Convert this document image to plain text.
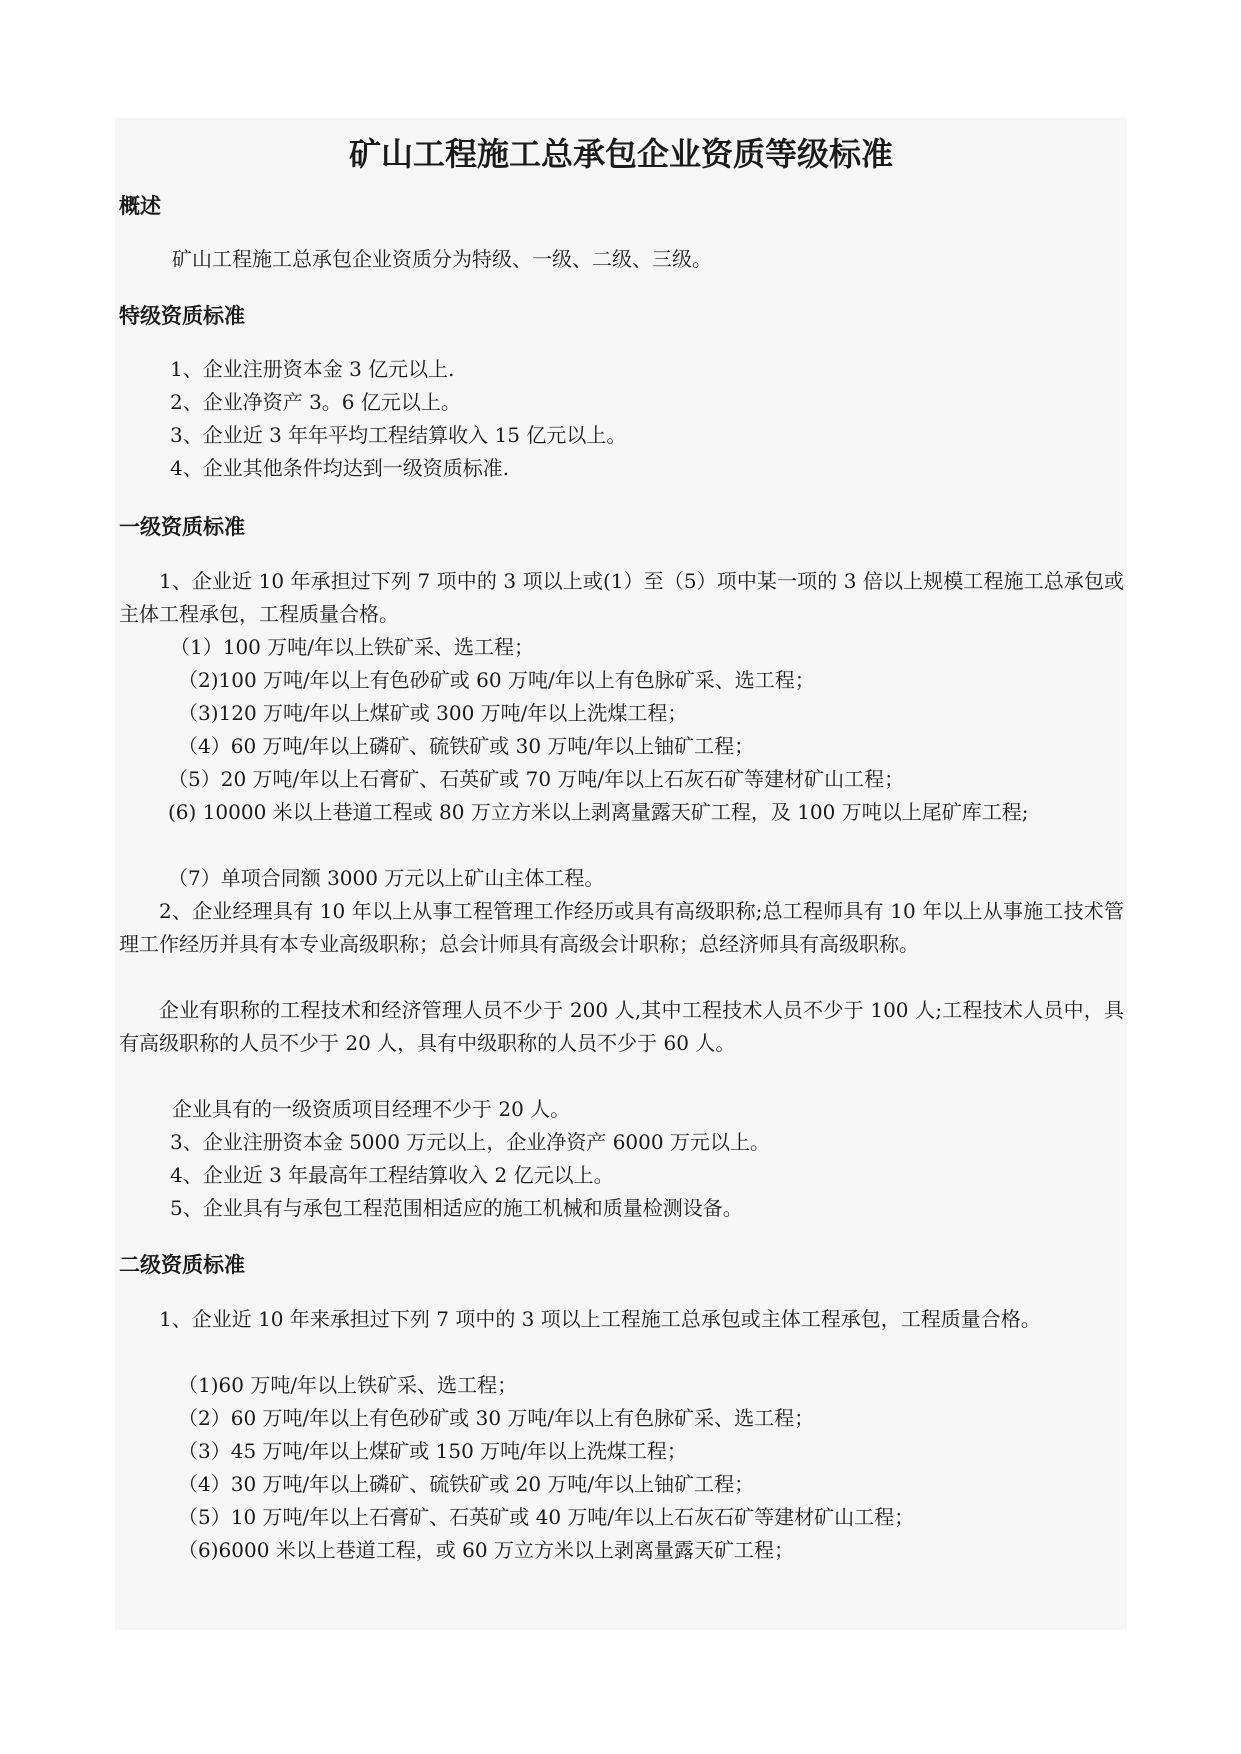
矿山工程施工总承包企业资质等级标准
概述
矿山工程施工总承包企业资质分为特级、一级、二级、三级。
特级资质标准
1、企业注册资本金 3 亿元以上.
2、企业净资产 3。6 亿元以上。
3、企业近 3 年年平均工程结算收入 15 亿元以上。
4、企业其他条件均达到一级资质标准.
一级资质标准
1、企业近 10 年承担过下列 7 项中的 3 项以上或(1）至（5）项中某一项的 3 倍以上规模工程施工总承包或主体工程承包，工程质量合格。
（1）100 万吨/年以上铁矿采、选工程；
（2)100 万吨/年以上有色砂矿或 60 万吨/年以上有色脉矿采、选工程；
（3)120 万吨/年以上煤矿或 300 万吨/年以上洗煤工程；
（4）60 万吨/年以上磷矿、硫铁矿或 30 万吨/年以上铀矿工程；
（5）20 万吨/年以上石膏矿、石英矿或 70 万吨/年以上石灰石矿等建材矿山工程；
(6) 10000 米以上巷道工程或 80 万立方米以上剥离量露天矿工程，及 100 万吨以上尾矿库工程;
（7）单项合同额 3000 万元以上矿山主体工程。
2、企业经理具有 10 年以上从事工程管理工作经历或具有高级职称;总工程师具有 10 年以上从事施工技术管理工作经历并具有本专业高级职称；总会计师具有高级会计职称；总经济师具有高级职称。
企业有职称的工程技术和经济管理人员不少于 200 人,其中工程技术人员不少于 100 人;工程技术人员中，具有高级职称的人员不少于 20 人，具有中级职称的人员不少于 60 人。
企业具有的一级资质项目经理不少于 20 人。
3、企业注册资本金 5000 万元以上，企业净资产 6000 万元以上。
4、企业近 3 年最高年工程结算收入 2 亿元以上。
5、企业具有与承包工程范围相适应的施工机械和质量检测设备。
二级资质标准
1、企业近 10 年来承担过下列 7 项中的 3 项以上工程施工总承包或主体工程承包，工程质量合格。
（1)60 万吨/年以上铁矿采、选工程；
（2）60 万吨/年以上有色砂矿或 30 万吨/年以上有色脉矿采、选工程；
（3）45 万吨/年以上煤矿或 150 万吨/年以上洗煤工程；
（4）30 万吨/年以上磷矿、硫铁矿或 20 万吨/年以上铀矿工程；
（5）10 万吨/年以上石膏矿、石英矿或 40 万吨/年以上石灰石矿等建材矿山工程；
（6)6000 米以上巷道工程，或 60 万立方米以上剥离量露天矿工程；
